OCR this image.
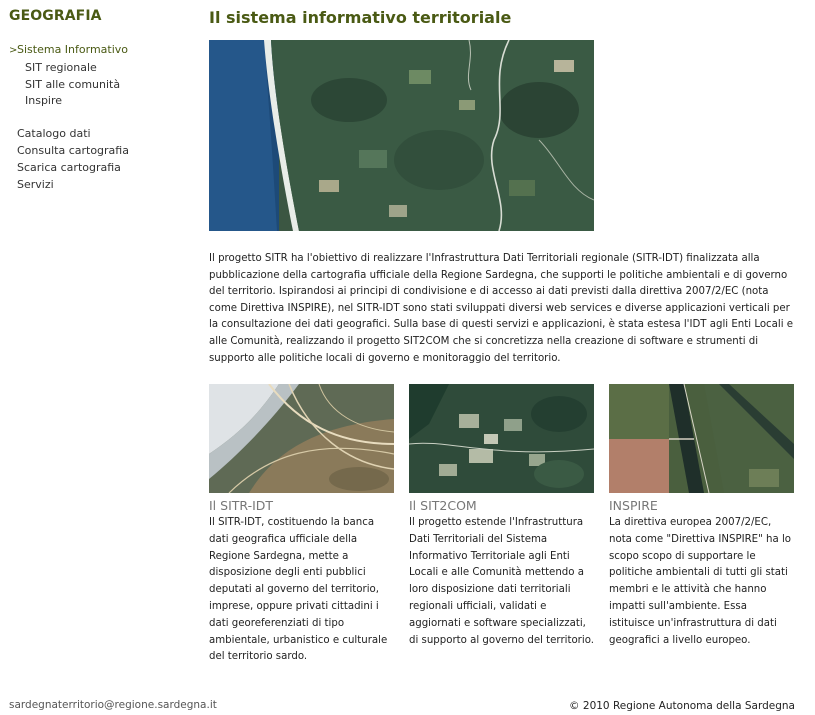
GEOGRAFIA
>Sistema Informativo
SIT regionale
SIT alle comunità
Inspire
Catalogo dati
Consulta cartografia
Scarica cartografia
Servizi
Il sistema informativo territoriale

Il progetto SITR ha l'obiettivo di realizzare l'Infrastruttura Dati Territoriali regionale (SITR-IDT) finalizzata alla pubblicazione della cartografia ufficiale della Regione Sardegna, che supporti le politiche ambientali e di governo del territorio. Ispirandosi ai principi di condivisione e di accesso ai dati previsti dalla direttiva 2007/2/EC (nota come Direttiva INSPIRE), nel SITR-IDT sono stati sviluppati diversi web services e diverse applicazioni verticali per la consultazione dei dati geografici. Sulla base di questi servizi e applicazioni, è stata estesa l'IDT agli Enti Locali e alle Comunità, realizzando il progetto SIT2COM che si concretizza nella creazione di software e strumenti di supporto alle politiche locali di governo e monitoraggio del territorio.

Il SITR-IDT

Il SITR-IDT, costituendo la banca dati geografica ufficiale della Regione Sardegna, mette a disposizione degli enti pubblici deputati al governo del territorio, imprese, oppure privati cittadini i dati georeferenziati di tipo ambientale, urbanistico e culturale del territorio sardo.

Il SIT2COM

Il progetto estende l'Infrastruttura Dati Territoriali del Sistema Informativo Territoriale agli Enti Locali e alle Comunità mettendo a loro disposizione dati territoriali regionali ufficiali, validati e aggiornati e software specializzati, di supporto al governo del territorio.

INSPIRE

La direttiva europea 2007/2/EC, nota come "Direttiva INSPIRE" ha lo scopo scopo di supportare le politiche ambientali di tutti gli stati membri e le attività che hanno impatti sull'ambiente. Essa istituisce un'infrastruttura di dati geografici a livello europeo.

sardegnaterritorio@regione.sardegna.it	© 2010 Regione Autonoma della Sardegna
